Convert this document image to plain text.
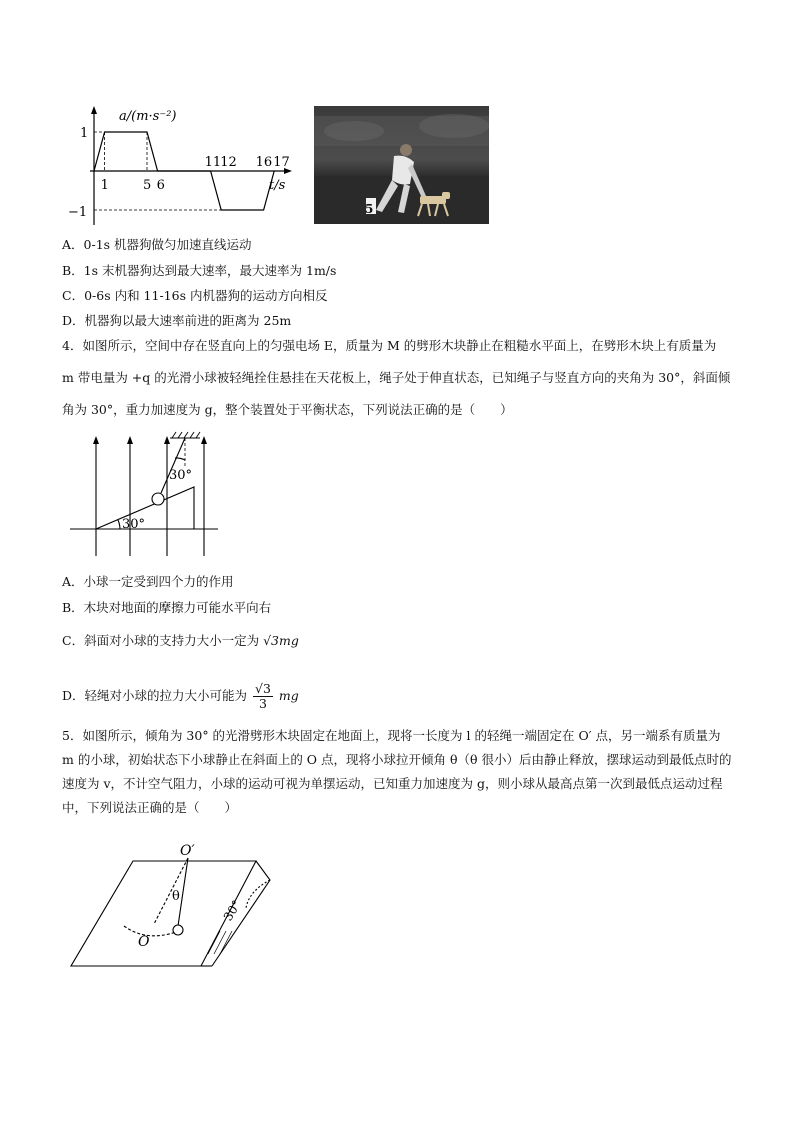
a/(m·s⁻²)
t/s
1
−1
1	5 6
11 12 16 17
5
A．0-1s 机器狗做匀加速直线运动
B．1s 末机器狗达到最大速率，最大速率为 1m/s
C．0-6s 内和 11-16s 内机器狗的运动方向相反
D．机器狗以最大速率前进的距离为 25m
4．如图所示，空间中存在竖直向上的匀强电场 E，质量为 M 的劈形木块静止在粗糙水平面上，在劈形木块上有质量为 m 带电量为 +q 的光滑小球被轻绳拴住悬挂在天花板上，绳子处于伸直状态，已知绳子与竖直方向的夹角为 30°，斜面倾角为 30°，重力加速度为 g，整个装置处于平衡状态，下列说法正确的是（　　）
30°
30°
A．小球一定受到四个力的作用
B．木块对地面的摩擦力可能水平向右
C．斜面对小球的支持力大小一定为 √3mg
D．轻绳对小球的拉力大小可能为 $\frac{√3}{3}$ mg
5．如图所示，倾角为 30° 的光滑劈形木块固定在地面上，现将一长度为 l 的轻绳一端固定在 O′ 点，另一端系有质量为 m 的小球，初始状态下小球静止在斜面上的 O 点，现将小球拉开倾角 θ（θ 很小）后由静止释放，摆球运动到最低点时的速度为 v，不计空气阻力，小球的运动可视为单摆运动，已知重力加速度为 g，则小球从最高点第一次到最低点运动过程中，下列说法正确的是（　　）
O′
θ
O
30°
